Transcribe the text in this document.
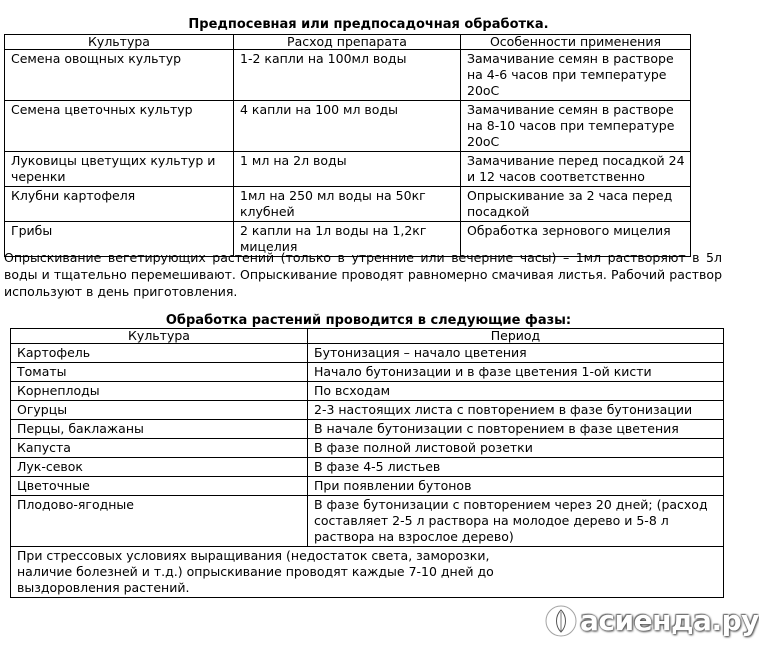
Предпосевная или предпосадочная обработка.
Культура	Расход препарата	Особенности применения
Семена овощных культур	1-2 капли на 100мл воды	Замачивание семян в растворе на 4-6 часов при температуре 20оС
Семена цветочных культур	4 капли на 100 мл воды	Замачивание семян в растворе на 8-10 часов при температуре 20оС
Луковицы цветущих культур и черенки	1 мл на 2л воды	Замачивание перед посадкой 24 и 12 часов соответственно
Клубни картофеля	1мл на 250 мл воды на 50кг клубней	Опрыскивание за 2 часа перед посадкой
Грибы	2 капли на 1л воды на 1,2кг мицелия	Обработка зернового мицелия
Опрыскивание вегетирующих растений (только в утренние или вечерние часы) – 1мл растворяют в 5л воды и тщательно перемешивают. Опрыскивание проводят равномерно смачивая листья. Рабочий раствор используют в день приготовления.
Обработка растений проводится в следующие фазы:
Культура	Период
Картофель	Бутонизация – начало цветения
Томаты	Начало бутонизации и в фазе цветения 1-ой кисти
Корнеплоды	По всходам
Огурцы	2-3 настоящих листа с повторением в фазе бутонизации
Перцы, баклажаны	В начале бутонизации с повторением в фазе цветения
Капуста	В фазе полной листовой розетки
Лук-севок	В фазе 4-5 листьев
Цветочные	При появлении бутонов
Плодово-ягодные	В фазе бутонизации с повторением через 20 дней; (расход составляет 2-5 л раствора на молодое дерево и 5-8 л раствора на взрослое дерево)
При стрессовых условиях выращивания (недостаток света, заморозки, наличие болезней и т.д.) опрыскивание проводят каждые 7-10 дней до выздоровления растений.	
асиенда.ру
